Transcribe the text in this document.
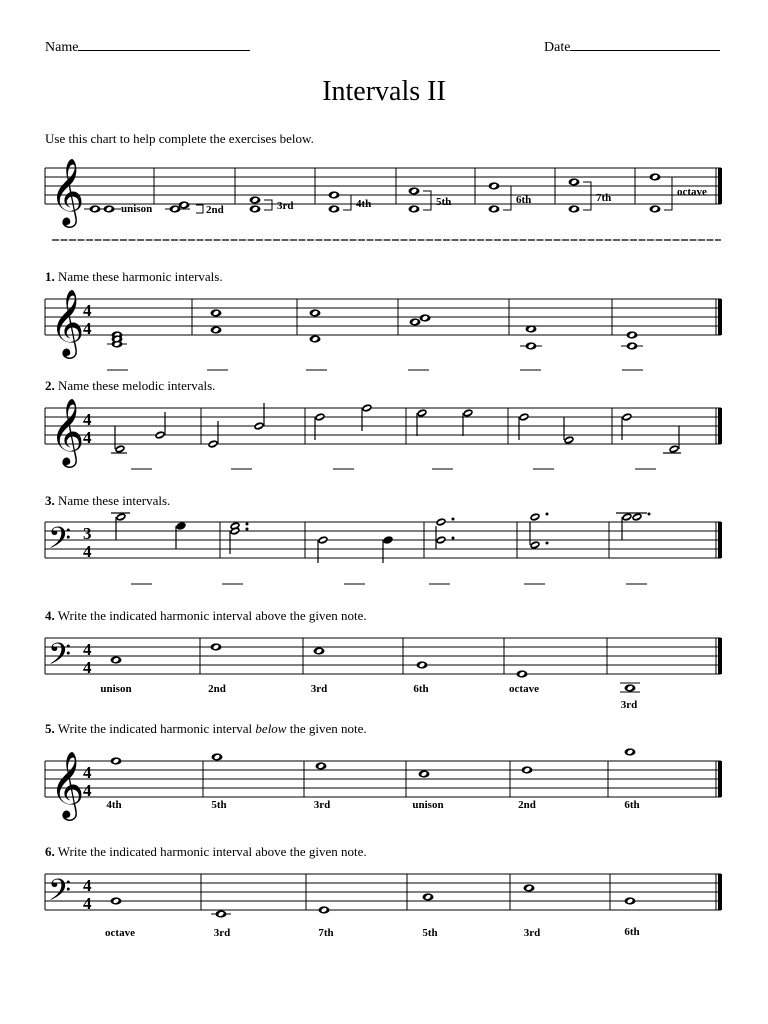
Name	Date
Intervals II
Use this chart to help complete the exercises below.
1. Name these harmonic intervals.
2. Name these melodic intervals.
3. Name these intervals.
4. Write the indicated harmonic interval above the given note.
5. Write the indicated harmonic interval below the given note.
6. Write the indicated harmonic interval above the given note.
𝄞	unison	2nd	3rd	4th	5th	6th	7th	octave
𝄞
4
4
𝄞
4
4
𝄢 3
4
𝄢 4
4
unison	2nd	3rd	6th	octave
3rd
𝄞
4
4
4th	5th	3rd	unison	2nd	6th
𝄢 4
4
octave	3rd	7th	5th	3rd	6th
